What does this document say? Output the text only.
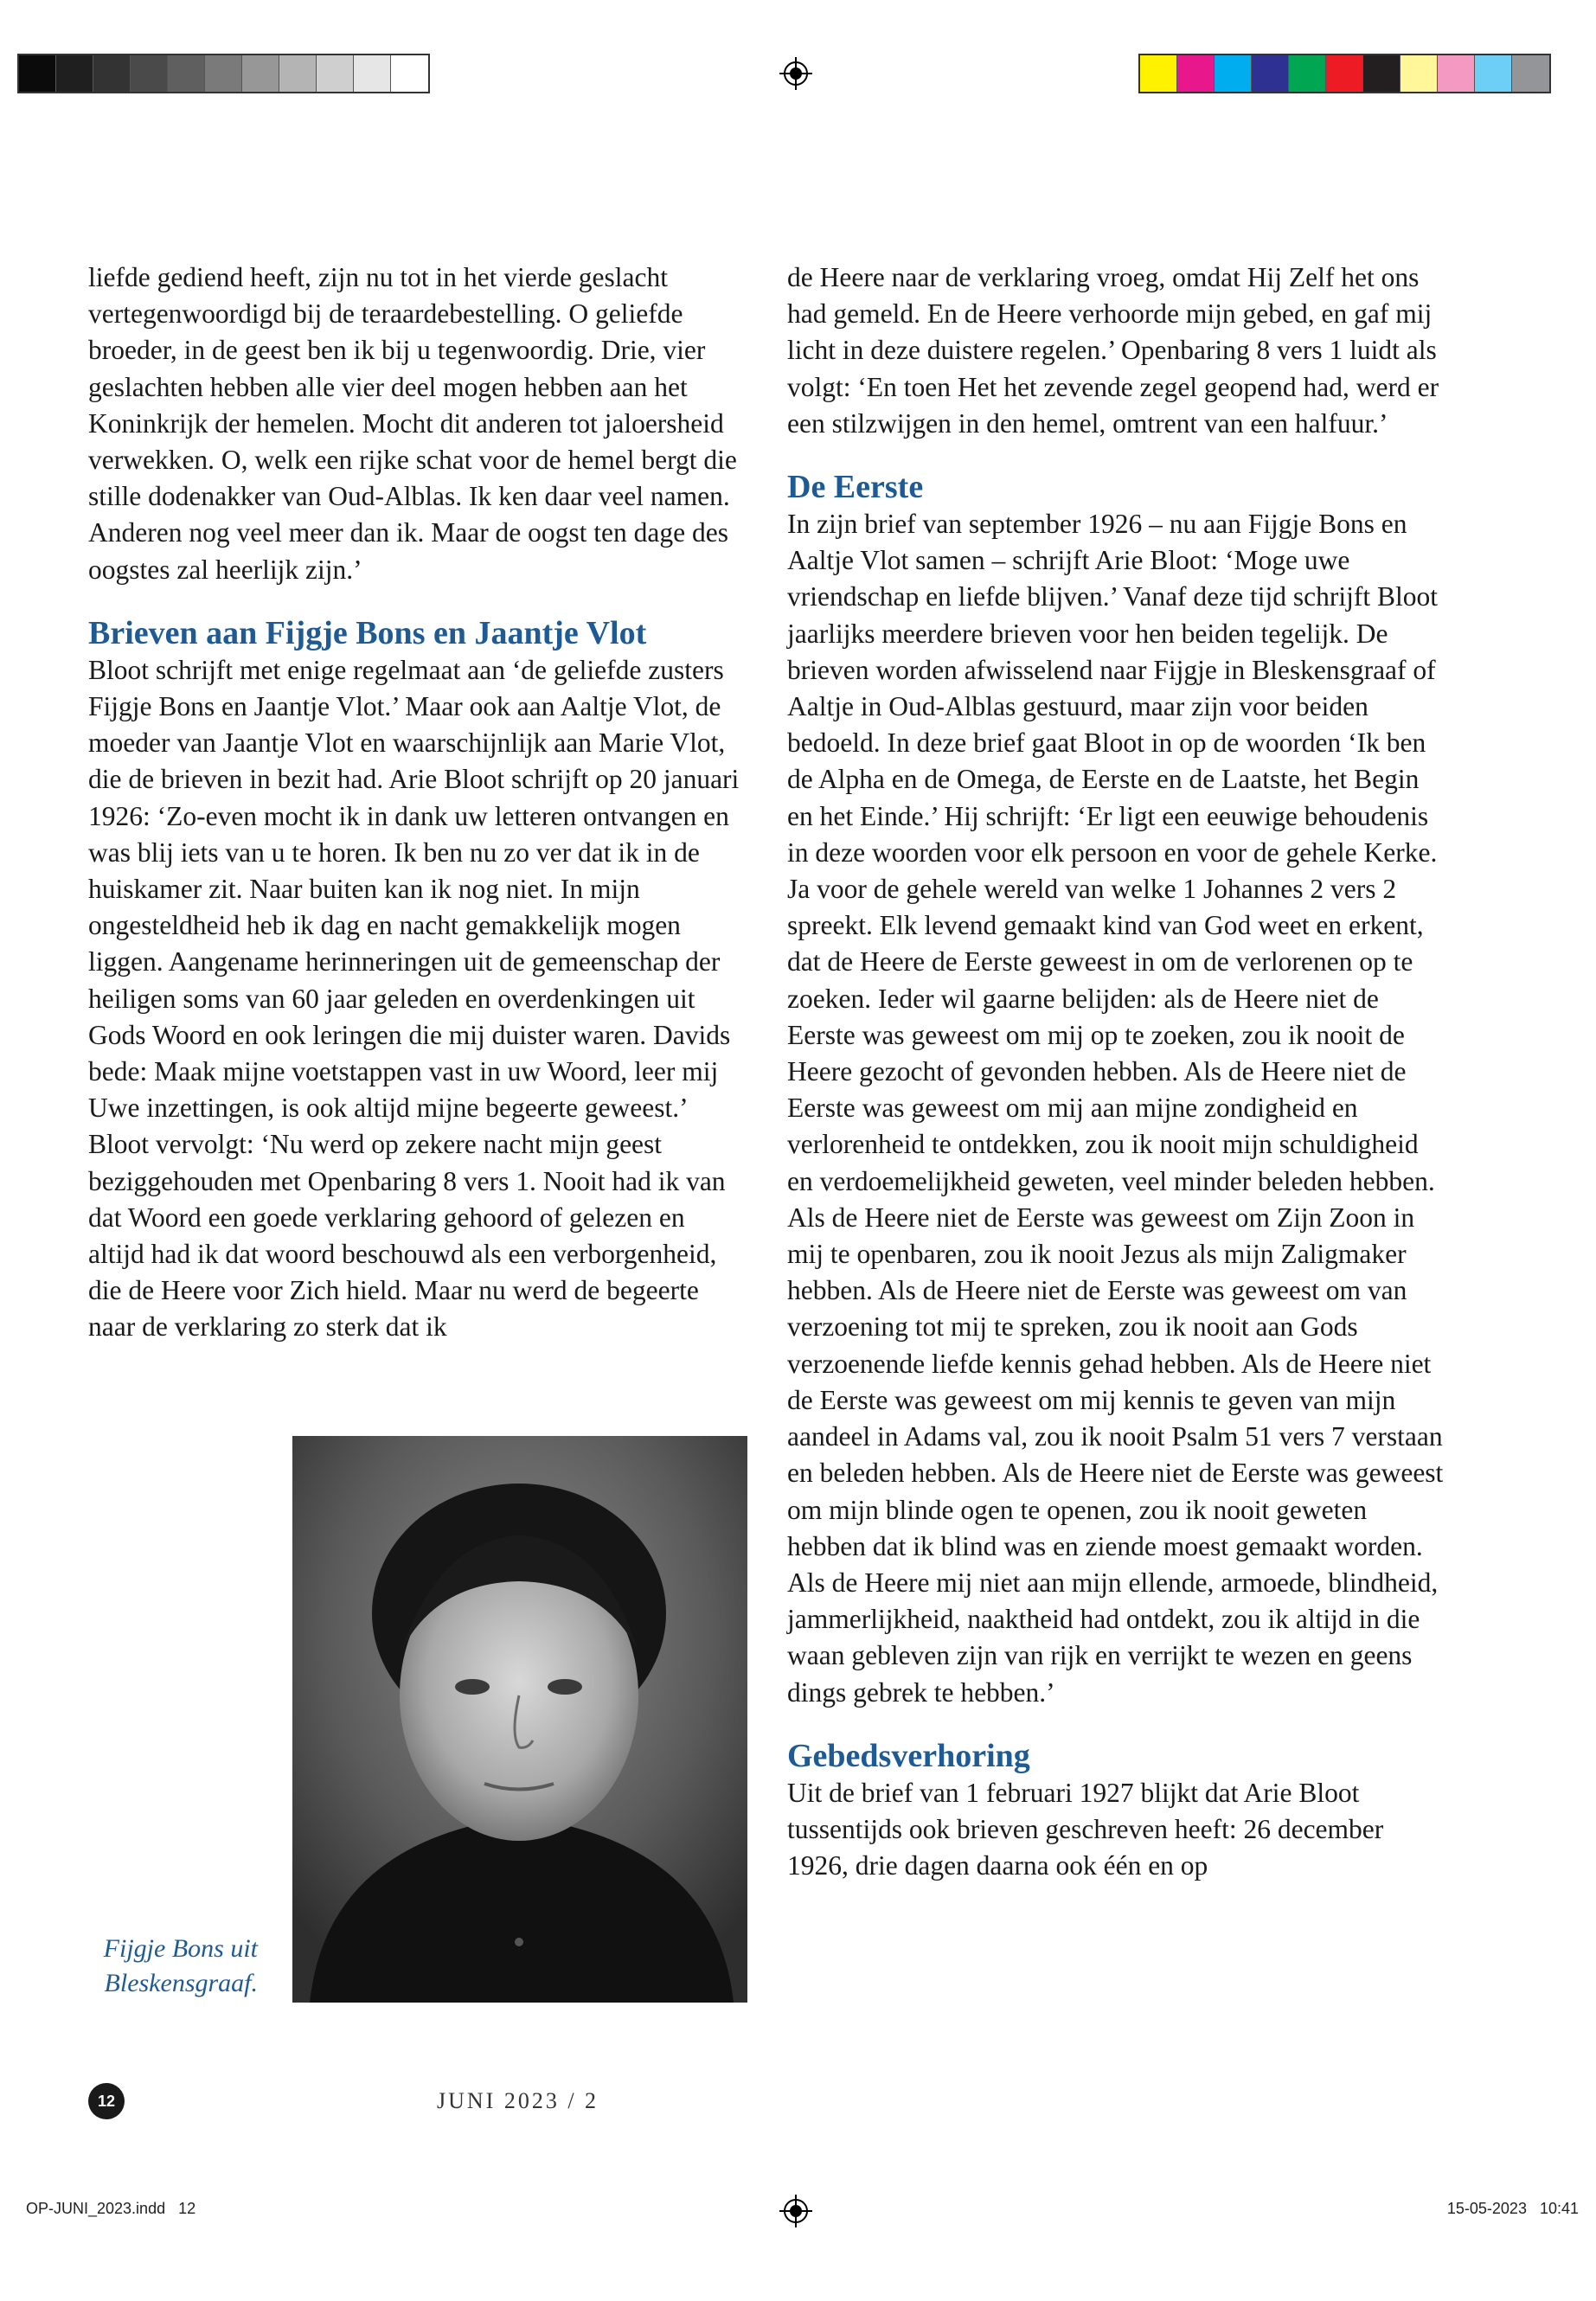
liefde gediend heeft, zijn nu tot in het vierde geslacht vertegenwoordigd bij de teraardebestelling. O geliefde broeder, in de geest ben ik bij u tegenwoordig. Drie, vier geslachten hebben alle vier deel mogen hebben aan het Koninkrijk der hemelen. Mocht dit anderen tot jaloersheid verwekken. O, welk een rijke schat voor de hemel bergt die stille dodenakker van Oud-Alblas. Ik ken daar veel namen. Anderen nog veel meer dan ik. Maar de oogst ten dage des oogstes zal heerlijk zijn.’

Brieven aan Fijgje Bons en Jaantje Vlot

Bloot schrijft met enige regelmaat aan ‘de geliefde zusters Fijgje Bons en Jaantje Vlot.’ Maar ook aan Aaltje Vlot, de moeder van Jaantje Vlot en waarschijnlijk aan Marie Vlot, die de brieven in bezit had. Arie Bloot schrijft op 20 januari 1926: ‘Zo-even mocht ik in dank uw letteren ontvangen en was blij iets van u te horen. Ik ben nu zo ver dat ik in de huiskamer zit. Naar buiten kan ik nog niet. In mijn ongesteldheid heb ik dag en nacht gemakkelijk mogen liggen. Aangename herinneringen uit de gemeenschap der heiligen soms van 60 jaar geleden en overdenkingen uit Gods Woord en ook leringen die mij duister waren. Davids bede: Maak mijne voetstappen vast in uw Woord, leer mij Uwe inzettingen, is ook altijd mijne begeerte geweest.’ Bloot vervolgt: ‘Nu werd op zekere nacht mijn geest beziggehouden met Openbaring 8 vers 1. Nooit had ik van dat Woord een goede verklaring gehoord of gelezen en altijd had ik dat woord beschouwd als een verborgenheid, die de Heere voor Zich hield. Maar nu werd de begeerte naar de verklaring zo sterk dat ik

Fijgje Bons uit Bleskensgraaf.

de Heere naar de verklaring vroeg, omdat Hij Zelf het ons had gemeld. En de Heere verhoorde mijn gebed, en gaf mij licht in deze duistere regelen.’ Openbaring 8 vers 1 luidt als volgt: ‘En toen Het het zevende zegel geopend had, werd er een stilzwijgen in den hemel, omtrent van een halfuur.’

De Eerste

In zijn brief van september 1926 – nu aan Fijgje Bons en Aaltje Vlot samen – schrijft Arie Bloot: ‘Moge uwe vriendschap en liefde blijven.’ Vanaf deze tijd schrijft Bloot jaarlijks meerdere brieven voor hen beiden tegelijk. De brieven worden afwisselend naar Fijgje in Bleskensgraaf of Aaltje in Oud-Alblas gestuurd, maar zijn voor beiden bedoeld. In deze brief gaat Bloot in op de woorden ‘Ik ben de Alpha en de Omega, de Eerste en de Laatste, het Begin en het Einde.’ Hij schrijft: ‘Er ligt een eeuwige behoudenis in deze woorden voor elk persoon en voor de gehele Kerke. Ja voor de gehele wereld van welke 1 Johannes 2 vers 2 spreekt. Elk levend gemaakt kind van God weet en erkent, dat de Heere de Eerste geweest in om de verlorenen op te zoeken. Ieder wil gaarne belijden: als de Heere niet de Eerste was geweest om mij op te zoeken, zou ik nooit de Heere gezocht of gevonden hebben. Als de Heere niet de Eerste was geweest om mij aan mijne zondigheid en verlorenheid te ontdekken, zou ik nooit mijn schuldigheid en verdoemelijkheid geweten, veel minder beleden hebben. Als de Heere niet de Eerste was geweest om Zijn Zoon in mij te openbaren, zou ik nooit Jezus als mijn Zaligmaker hebben. Als de Heere niet de Eerste was geweest om van verzoening tot mij te spreken, zou ik nooit aan Gods verzoenende liefde kennis gehad hebben. Als de Heere niet de Eerste was geweest om mij kennis te geven van mijn aandeel in Adams val, zou ik nooit Psalm 51 vers 7 verstaan en beleden hebben. Als de Heere niet de Eerste was geweest om mijn blinde ogen te openen, zou ik nooit geweten hebben dat ik blind was en ziende moest gemaakt worden. Als de Heere mij niet aan mijn ellende, armoede, blindheid, jammerlijkheid, naaktheid had ontdekt, zou ik altijd in die waan gebleven zijn van rijk en verrijkt te wezen en geens dings gebrek te hebben.’

Gebedsverhoring

Uit de brief van 1 februari 1927 blijkt dat Arie Bloot tussentijds ook brieven geschreven heeft: 26 december 1926, drie dagen daarna ook één en op

12	JUNI 2023 / 2
OP-JUNI_2023.indd   12	15-05-2023   10:41
